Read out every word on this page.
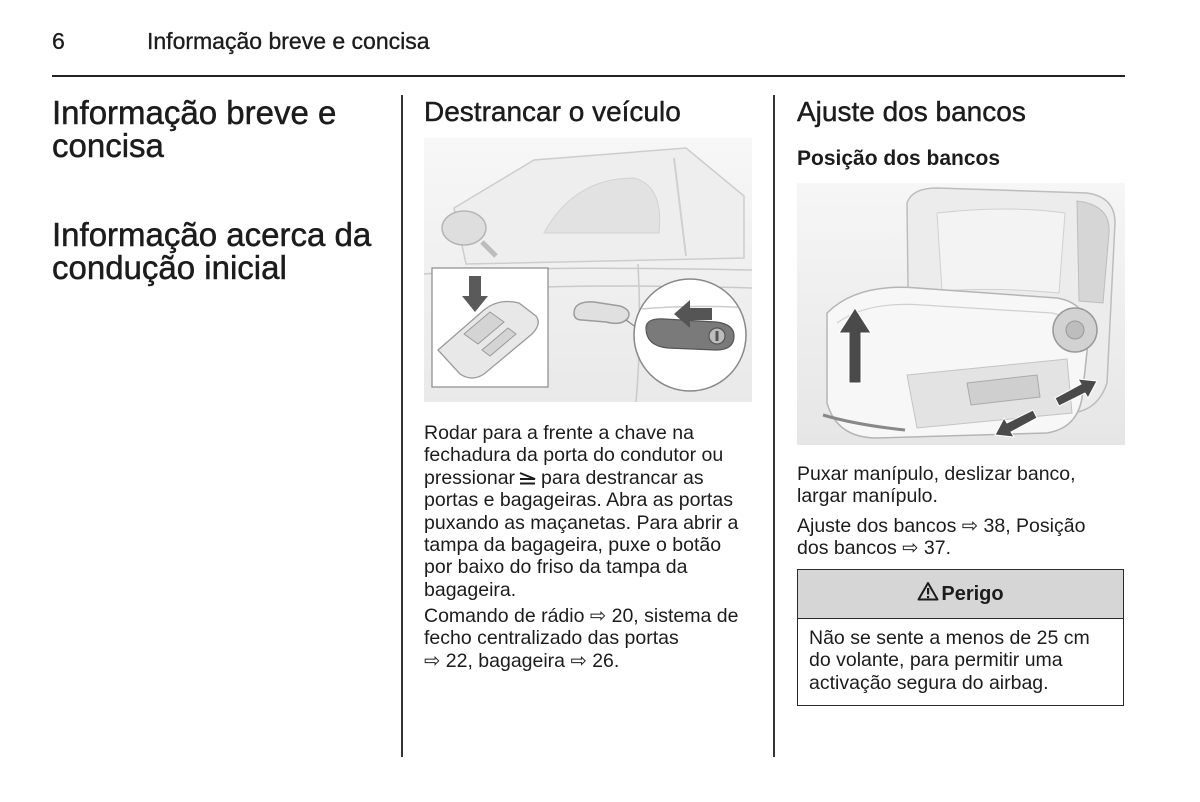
6	Informação breve e concisa
Informação breve e
concisa
Informação acerca da
condução inicial
Destrancar o veículo
Rodar para a frente a chave na
fechadura da porta do condutor ou
pressionar para destrancar as
portas e bagageiras. Abra as portas
puxando as maçanetas. Para abrir a
tampa da bagageira, puxe o botão
por baixo do friso da tampa da
bagageira.
Comando de rádio ⇨ 20, sistema de
fecho centralizado das portas
⇨ 22, bagageira ⇨ 26.
Ajuste dos bancos
Posição dos bancos
Puxar manípulo, deslizar banco,
largar manípulo.
Ajuste dos bancos ⇨ 38, Posição
dos bancos ⇨ 37.
Perigo
Não se sente a menos de 25 cm
do volante, para permitir uma
activação segura do airbag.
